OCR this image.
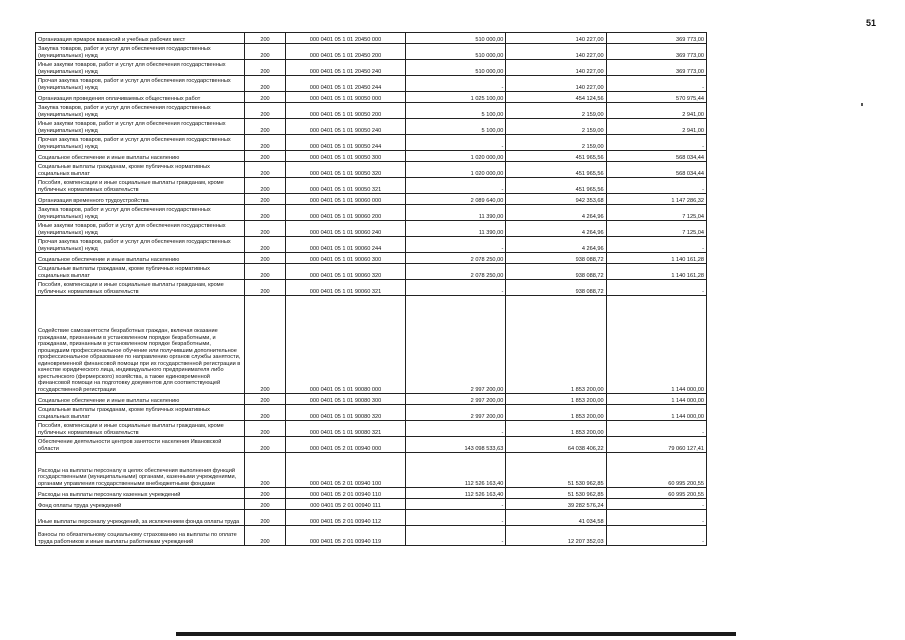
51
Организация ярмарок вакансий и учебных рабочих мест	200	000 0401 05 1 01 20450 000	510 000,00	140 227,00	369 773,00
Закупка товаров, работ и услуг для обеспечения государственных (муниципальных) нужд	200	000 0401 05 1 01 20450 200	510 000,00	140 227,00	369 773,00
Иные закупки товаров, работ и услуг для обеспечения государственных (муниципальных) нужд	200	000 0401 05 1 01 20450 240	510 000,00	140 227,00	369 773,00
Прочая закупка товаров, работ и услуг для обеспечения государственных (муниципальных) нужд	200	000 0401 05 1 01 20450 244	-	140 227,00	-
Организация проведения оплачиваемых общественных работ	200	000 0401 05 1 01 90050 000	1 025 100,00	454 124,56	570 975,44
Закупка товаров, работ и услуг для обеспечения государственных (муниципальных) нужд	200	000 0401 05 1 01 90050 200	5 100,00	2 159,00	2 941,00
Иные закупки товаров, работ и услуг для обеспечения государственных (муниципальных) нужд	200	000 0401 05 1 01 90050 240	5 100,00	2 159,00	2 941,00
Прочая закупка товаров, работ и услуг для обеспечения государственных (муниципальных) нужд	200	000 0401 05 1 01 90050 244	-	2 159,00	-
Социальное обеспечение и иные выплаты населению	200	000 0401 05 1 01 90050 300	1 020 000,00	451 965,56	568 034,44
Социальные выплаты гражданам, кроме публичных нормативных социальных выплат	200	000 0401 05 1 01 90050 320	1 020 000,00	451 965,56	568 034,44
Пособия, компенсации и иные социальные выплаты гражданам, кроме публичных нормативных обязательств	200	000 0401 05 1 01 90050 321	-	451 965,56	-
Организация временного трудоустройства	200	000 0401 05 1 01 90060 000	2 089 640,00	942 353,68	1 147 286,32
Закупка товаров, работ и услуг для обеспечения государственных (муниципальных) нужд	200	000 0401 05 1 01 90060 200	11 390,00	4 264,96	7 125,04
Иные закупки товаров, работ и услуг для обеспечения государственных (муниципальных) нужд	200	000 0401 05 1 01 90060 240	11 390,00	4 264,96	7 125,04
Прочая закупка товаров, работ и услуг для обеспечения государственных (муниципальных) нужд	200	000 0401 05 1 01 90060 244	-	4 264,96	-
Социальное обеспечение и иные выплаты населению	200	000 0401 05 1 01 90060 300	2 078 250,00	938 088,72	1 140 161,28
Социальные выплаты гражданам, кроме публичных нормативных социальных выплат	200	000 0401 05 1 01 90060 320	2 078 250,00	938 088,72	1 140 161,28
Пособия, компенсации и иные социальные выплаты гражданам, кроме публичных нормативных обязательств	200	000 0401 05 1 01 90060 321	-	938 088,72	-
Содействие самозанятости безработных граждан, включая оказание гражданам, признанным в установленном порядке безработными, и гражданам, признанным в установленном порядке безработными, прошедшим профессиональное обучение или получившим дополнительное профессиональное образование по направлению органов службы занятости, единовременной финансовой помощи при их государственной регистрации в качестве юридического лица, индивидуального предпринимателя либо крестьянского (фермерского) хозяйства, а также единовременной финансовой помощи на подготовку документов для соответствующей государственной регистрации	200	000 0401 05 1 01 90080 000	2 997 200,00	1 853 200,00	1 144 000,00
Социальное обеспечение и иные выплаты населению	200	000 0401 05 1 01 90080 300	2 997 200,00	1 853 200,00	1 144 000,00
Социальные выплаты гражданам, кроме публичных нормативных социальных выплат	200	000 0401 05 1 01 90080 320	2 997 200,00	1 853 200,00	1 144 000,00
Пособия, компенсации и иные социальные выплаты гражданам, кроме публичных нормативных обязательств	200	000 0401 05 1 01 90080 321	-	1 853 200,00	-
Обеспечение деятельности центров занятости населения Ивановской области	200	000 0401 05 2 01 00940 000	143 098 533,63	64 038 406,22	79 060 127,41
Расходы на выплаты персоналу в целях обеспечения выполнения функций государственными (муниципальными) органами, казенными учреждениями, органами управления государственными внебюджетными фондами	200	000 0401 05 2 01 00940 100	112 526 163,40	51 530 962,85	60 995 200,55
Расходы на выплаты персоналу казенных учреждений	200	000 0401 05 2 01 00940 110	112 526 163,40	51 530 962,85	60 995 200,55
Фонд оплаты труда учреждений	200	000 0401 05 2 01 00940 111	-	39 282 576,24	-
Иные выплаты персоналу учреждений, за исключением фонда оплаты труда	200	000 0401 05 2 01 00940 112	-	41 034,58	-
Взносы по обязательному социальному страхованию на выплаты по оплате труда работников и иные выплаты работникам учреждений	200	000 0401 05 2 01 00940 119	-	12 207 352,03	-
